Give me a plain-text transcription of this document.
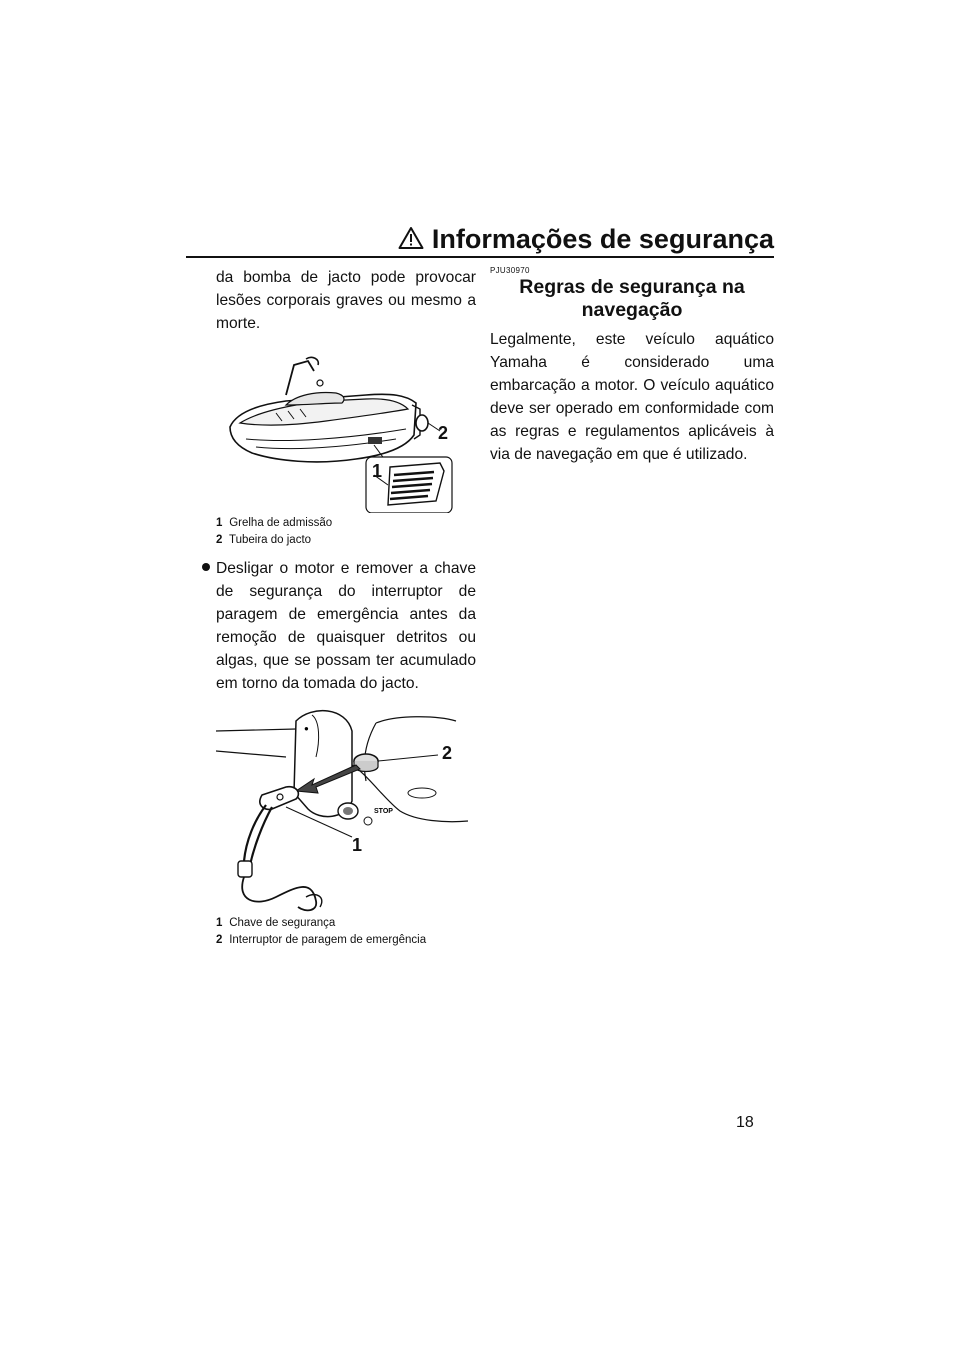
Informações de segurança

da bomba de jacto pode provocar lesões corporais graves ou mesmo a morte.

2
1
1 Grelha de admissão
2 Tubeira do jacto

Desligar o motor e remover a chave de segurança do interruptor de paragem de emergência antes da remoção de quaisquer detritos ou algas, que se possam ter acumulado em torno da tomada do jacto.

●
STOP
2
1
1 Chave de segurança
2 Interruptor de paragem de emergência

PJU30970

Regras de segurança na
navegação

Legalmente, este veículo aquático Yamaha é considerado uma embarcação a motor. O veículo aquático deve ser operado em conformidade com as regras e regulamentos aplicáveis à via de navegação em que é utilizado.

18
